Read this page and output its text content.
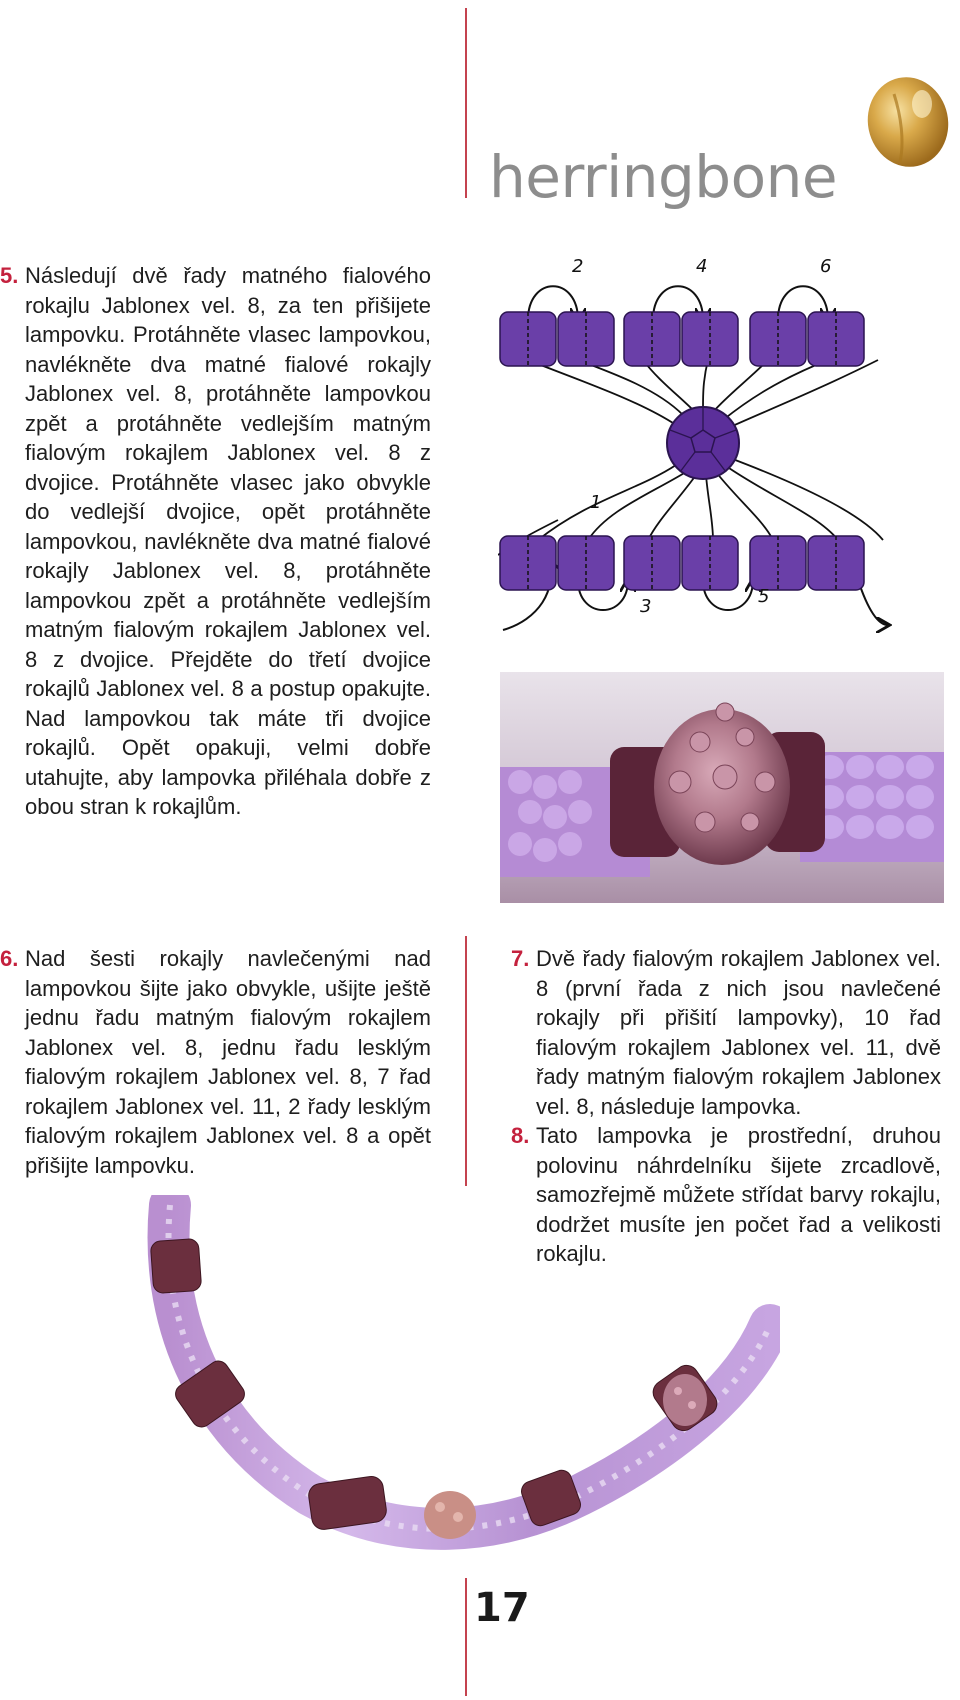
herringbone
5. Následují dvě řady matného fialového rokajlu Jablonex vel. 8, za ten přišijete lampovku. Protáhněte vlasec lampovkou, navlékněte dva matné fialové rokajly Jablonex vel. 8, protáhněte lampovkou zpět a protáhněte vedlejším matným fialovým rokajlem Jablonex vel. 8 z dvojice. Protáhněte vlasec jako obvykle do vedlejší dvojice, opět protáhněte lampovkou, navlékněte dva matné fialové rokajly Jablonex vel. 8, protáhněte lampovkou zpět a protáhněte vedlejším matným fialovým rokajlem Jablonex vel. 8 z dvojice. Přejděte do třetí dvojice rokajlů Jablonex vel. 8 a postup opakujte. Nad lampovkou tak máte tři dvojice rokajlů. Opět opakuji, velmi dobře utahujte, aby lampovka přiléhala dobře z obou stran k rokajlům.

2	4	6
1
3	5
6. Nad šesti rokajly navlečenými nad lampovkou šijte jako obvykle, ušijte ještě jednu řadu matným fialovým rokajlem Jablonex vel. 8, jednu řadu lesklým fialovým rokajlem Jablonex vel. 8, 7 řad rokajlem Jablonex vel. 11, 2 řady lesklým fialovým rokajlem Jablonex vel. 8 a opět přišijte lampovku.

7. Dvě řady fialovým rokajlem Jablonex vel. 8 (první řada z nich jsou navlečené rokajly při přišití lampovky), 10 řad fialovým rokajlem Jablonex vel. 11, dvě řady matným fialovým rokajlem Jablonex vel. 8, následuje lampovka.

8. Tato lampovka je prostřední, druhou polovinu náhrdelníku šijete zrcadlově, samozřejmě můžete střídat barvy rokajlu, dodržet musíte jen počet řad a velikosti rokajlu.

17
